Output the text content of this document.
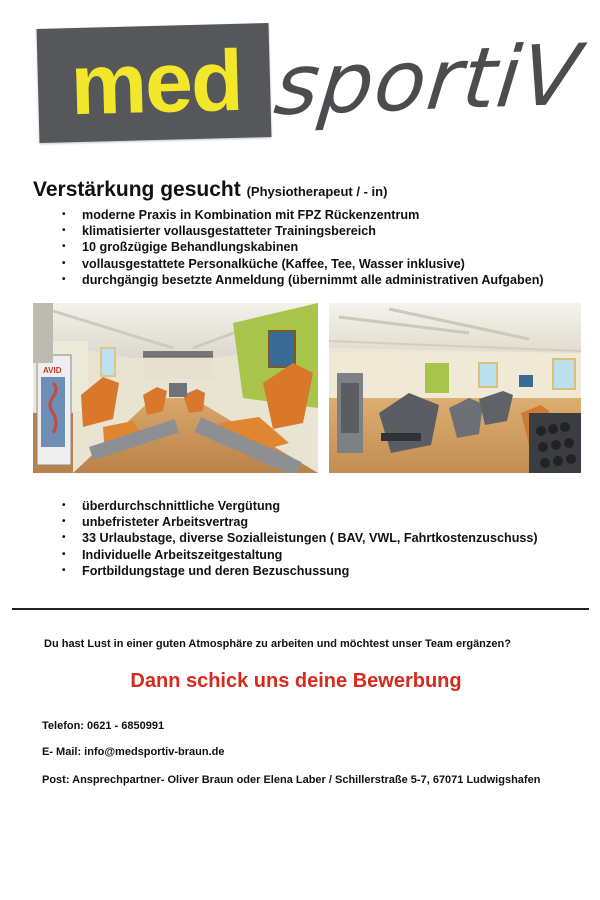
med sportiV
Verstärkung gesucht (Physiotherapeut / - in)
• moderne Praxis in Kombination mit FPZ Rückenzentrum
• klimatisierter vollausgestatteter Trainingsbereich
• 10 großzügige Behandlungskabinen
• vollausgestattete Personalküche (Kaffee, Tee, Wasser inklusive)
• durchgängig besetzte Anmeldung (übernimmt alle administrativen Aufgaben)
AVID
• überdurchschnittliche Vergütung
• unbefristeter Arbeitsvertrag
• 33 Urlaubstage, diverse Sozialleistungen ( BAV, VWL, Fahrtkostenzuschuss)
• Individuelle Arbeitszeitgestaltung
• Fortbildungstage und deren Bezuschussung

Du hast Lust in einer guten Atmosphäre zu arbeiten und möchtest unser Team ergänzen?

Dann schick uns deine Bewerbung

Telefon: 0621 - 6850991

E- Mail: info@medsportiv-braun.de

Post: Ansprechpartner- Oliver Braun oder Elena Laber / Schillerstraße 5-7, 67071 Ludwigshafen
